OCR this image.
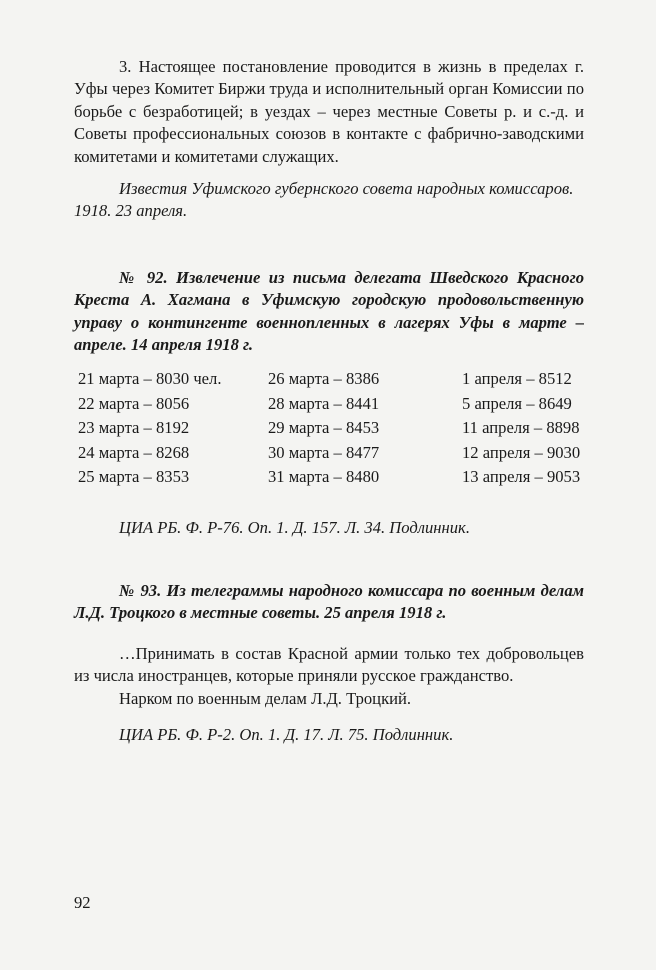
3. Настоящее постановление проводится в жизнь в пределах г. Уфы через Комитет Биржи труда и исполнительный орган Комиссии по борьбе с безработицей; в уездах – через местные Советы р. и с.-д. и Советы профессиональных союзов в контакте с фабрично-заводскими комитетами и комитетами служащих.

Известия Уфимского губернского совета народных комиссаров. 1918. 23 апреля.

№ 92. Извлечение из письма делегата Шведского Красного Креста А. Хагмана в Уфимскую городскую продовольственную управу о контингенте военнопленных в лагерях Уфы в марте – апреле. 14 апреля 1918 г.

21 марта – 8030 чел.	26 марта – 8386	1 апреля – 8512
22 марта – 8056	28 марта – 8441	5 апреля – 8649
23 марта – 8192	29 марта – 8453	11 апреля – 8898
24 марта – 8268	30 марта – 8477	12 апреля – 9030
25 марта – 8353	31 марта – 8480	13 апреля – 9053

ЦИА РБ. Ф. Р-76. Оп. 1. Д. 157. Л. 34. Подлинник.

№ 93. Из телеграммы народного комиссара по военным делам Л.Д. Троцкого в местные советы. 25 апреля 1918 г.

…Принимать в состав Красной армии только тех добровольцев из числа иностранцев, которые приняли русское гражданство.

Нарком по военным делам Л.Д. Троцкий.

ЦИА РБ. Ф. Р-2. Оп. 1. Д. 17. Л. 75. Подлинник.

92
